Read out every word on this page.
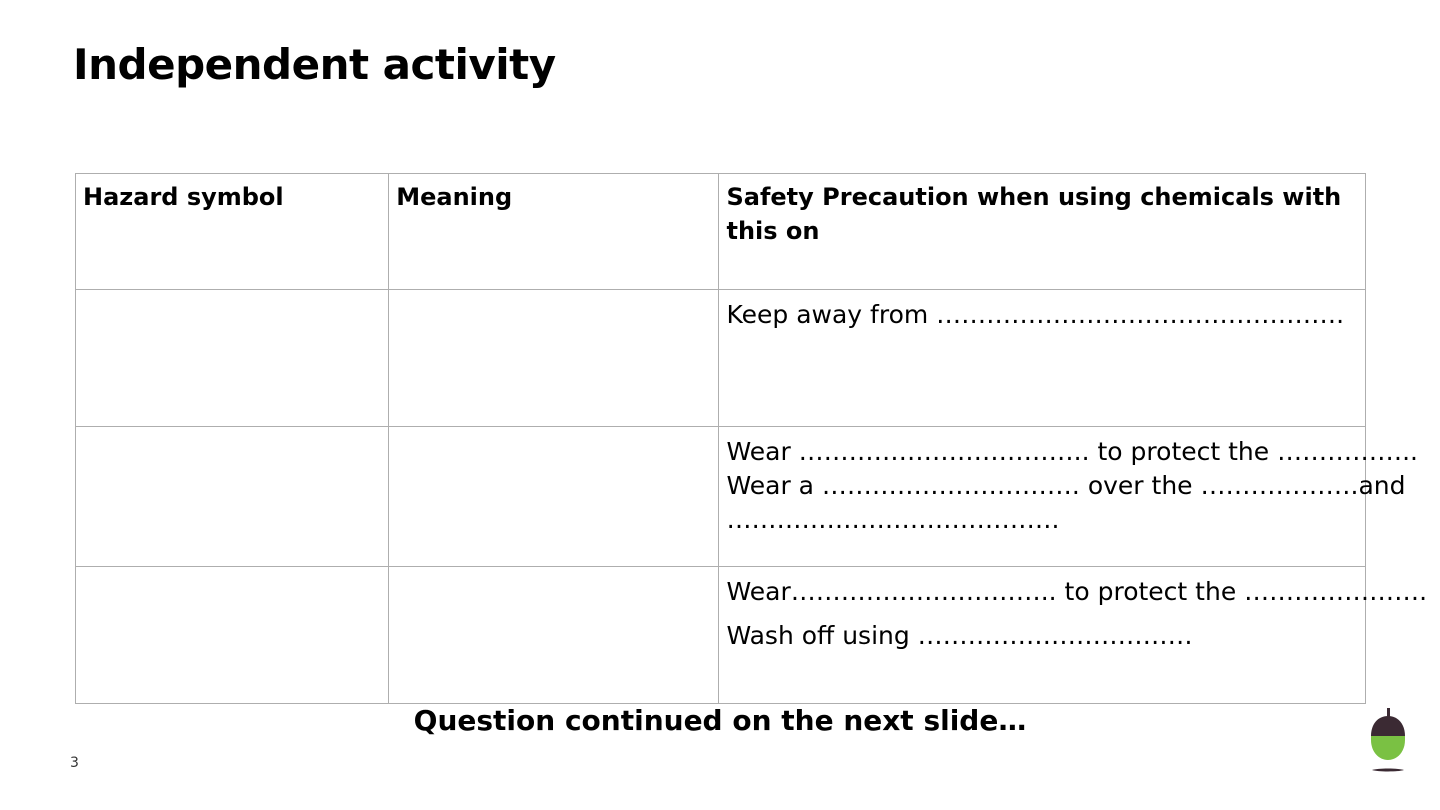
Independent activity
Hazard symbol	Meaning	Safety Precaution when using chemicals with this on

		Keep away from ………………………………………….

		Wear …………………………….. to protect the ……………..
Wear a …………………………. over the ……………….and
………………………………….

		Wear………………………….. to protect the ………………….
Wash off using ……………………………

Question continued on the next slide…

3
